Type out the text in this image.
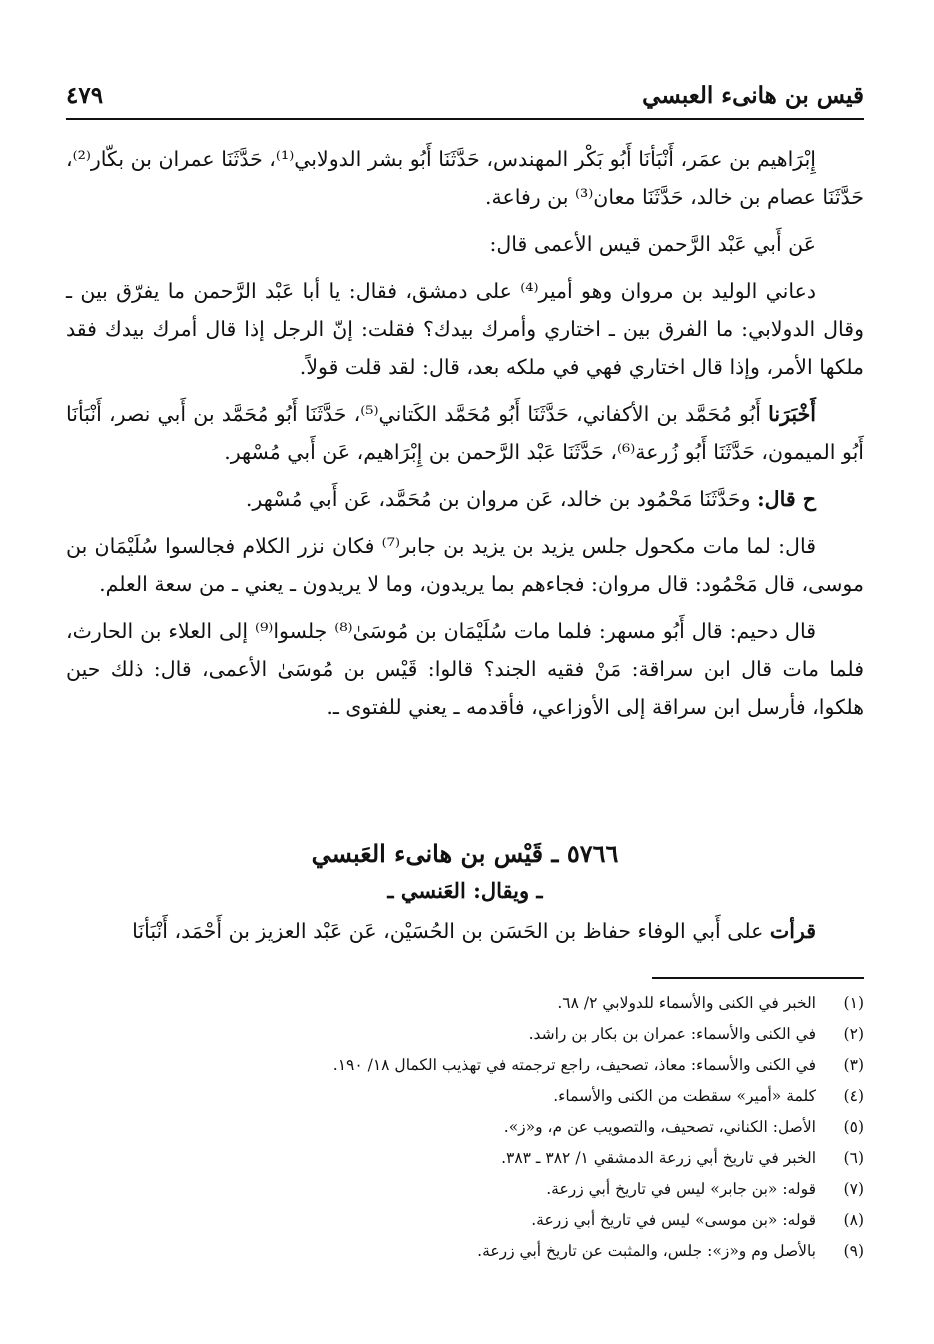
قيس بن هانىء العبسي
٤٧٩

إِبْرَاهيم بن عمَر، أَنْبَأنَا أَبُو بَكْر المهندس، حَدَّثَنَا أَبُو بشر الدولابي⁽¹⁾، حَدَّثَنَا عمران بن بكّار⁽²⁾، حَدَّثَنَا عصام بن خالد، حَدَّثَنَا معان⁽³⁾ بن رفاعة.

عَن أَبي عَبْد الرَّحمن قيس الأعمى قال:

دعاني الوليد بن مروان وهو أمير⁽⁴⁾ على دمشق، فقال: يا أبا عَبْد الرَّحمن ما يفرّق بين ـ وقال الدولابي: ما الفرق بين ـ اختاري وأمرك بيدك؟ فقلت: إنّ الرجل إذا قال أمرك بيدك فقد ملكها الأمر، وإذا قال اختاري فهي في ملكه بعد، قال: لقد قلت قولاً.

أَخْبَرَنا أَبُو مُحَمَّد بن الأكفاني، حَدَّثَنَا أَبُو مُحَمَّد الكَتاني⁽⁵⁾، حَدَّثَنَا أَبُو مُحَمَّد بن أَبي نصر، أَنْبَأنَا أَبُو الميمون، حَدَّثَنَا أَبُو زُرعة⁽⁶⁾، حَدَّثَنَا عَبْد الرَّحمن بن إِبْرَاهيم، عَن أَبي مُسْهر.

ح قال: وحَدَّثَنَا مَحْمُود بن خالد، عَن مروان بن مُحَمَّد، عَن أَبي مُسْهر.

قال: لما مات مكحول جلس يزيد بن يزيد بن جابر⁽⁷⁾ فكان نزر الكلام فجالسوا سُلَيْمَان بن موسى، قال مَحْمُود: قال مروان: فجاءهم بما يريدون، وما لا يريدون ـ يعني ـ من سعة العلم.

قال دحيم: قال أَبُو مسهر: فلما مات سُلَيْمَان بن مُوسَىٰ⁽⁸⁾ جلسوا⁽⁹⁾ إلى العلاء بن الحارث، فلما مات قال ابن سراقة: مَنْ فقيه الجند؟ قالوا: قَيْس بن مُوسَىٰ الأعمى، قال: ذلك حين هلكوا، فأرسل ابن سراقة إلى الأوزاعي، فأقدمه ـ يعني للفتوى ـ.

٥٧٦٦ ـ قَيْس بن هانىء العَبسي
ـ ويقال: العَنسي ـ
قرأت على أَبي الوفاء حفاظ بن الحَسَن بن الحُسَيْن، عَن عَبْد العزيز بن أَحْمَد، أَنْبَأنَا
(١)الخبر في الكنى والأسماء للدولابي ٢/ ٦٨.
(٢)في الكنى والأسماء: عمران بن بكار بن راشد.
(٣)في الكنى والأسماء: معاذ، تصحيف، راجع ترجمته في تهذيب الكمال ١٨/ ١٩٠.
(٤)كلمة «أمير» سقطت من الكنى والأسماء.
(٥)الأصل: الكناني، تصحيف، والتصويب عن م، و«ز».
(٦)الخبر في تاريخ أبي زرعة الدمشقي ١/ ٣٨٢ ـ ٣٨٣.
(٧)قوله: «بن جابر» ليس في تاريخ أبي زرعة.
(٨)قوله: «بن موسى» ليس في تاريخ أبي زرعة.
(٩)بالأصل وم و«ز»: جلس، والمثبت عن تاريخ أبي زرعة.
